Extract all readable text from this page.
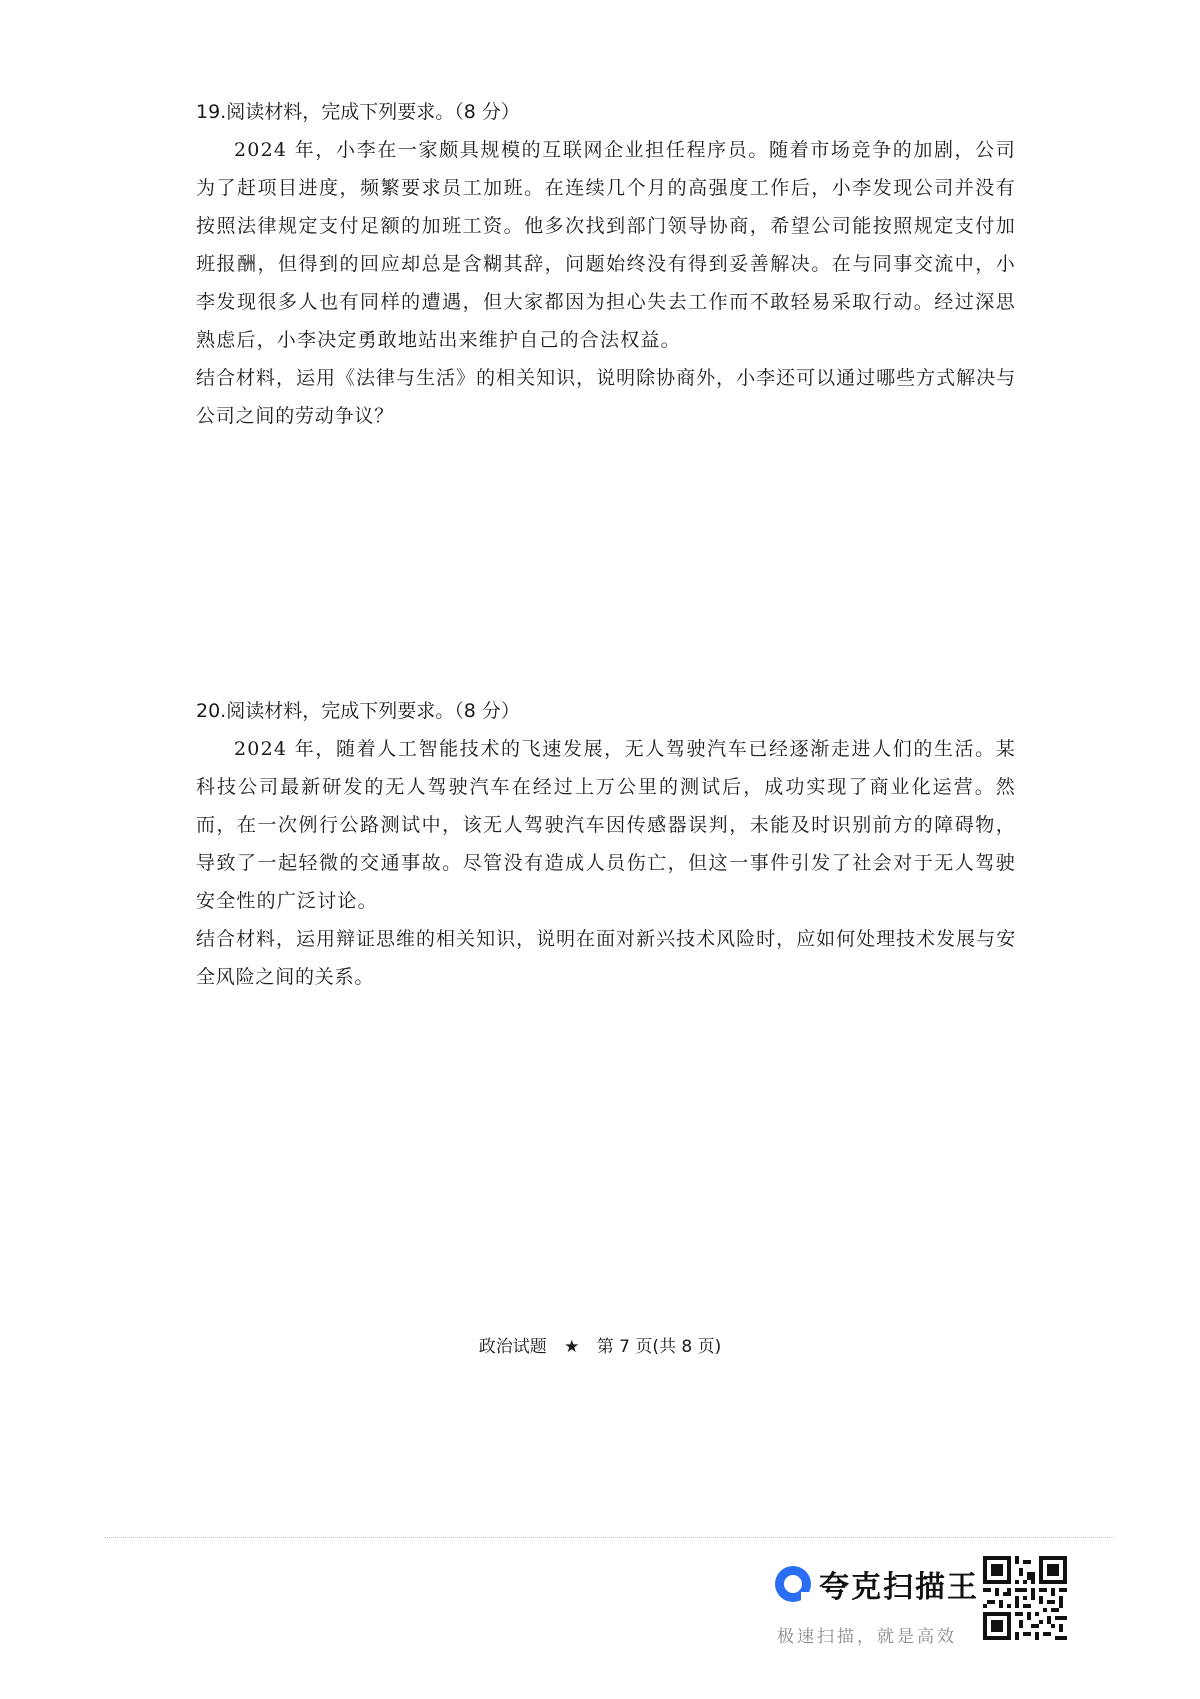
19.阅读材料，完成下列要求。（8 分）

2024 年，小李在一家颇具规模的互联网企业担任程序员。随着市场竞争的加剧，公司为了赶项目进度，频繁要求员工加班。在连续几个月的高强度工作后，小李发现公司并没有按照法律规定支付足额的加班工资。他多次找到部门领导协商，希望公司能按照规定支付加班报酬，但得到的回应却总是含糊其辞，问题始终没有得到妥善解决。在与同事交流中，小李发现很多人也有同样的遭遇，但大家都因为担心失去工作而不敢轻易采取行动。经过深思熟虑后，小李决定勇敢地站出来维护自己的合法权益。

结合材料，运用《法律与生活》的相关知识，说明除协商外，小李还可以通过哪些方式解决与公司之间的劳动争议？

20.阅读材料，完成下列要求。（8 分）

2024 年，随着人工智能技术的飞速发展，无人驾驶汽车已经逐渐走进人们的生活。某科技公司最新研发的无人驾驶汽车在经过上万公里的测试后，成功实现了商业化运营。然而，在一次例行公路测试中，该无人驾驶汽车因传感器误判，未能及时识别前方的障碍物，导致了一起轻微的交通事故。尽管没有造成人员伤亡，但这一事件引发了社会对于无人驾驶安全性的广泛讨论。

结合材料，运用辩证思维的相关知识，说明在面对新兴技术风险时，应如何处理技术发展与安全风险之间的关系。

政治试题 ★ 第 7 页(共 8 页)
夸克扫描王
极速扫描，就是高效
